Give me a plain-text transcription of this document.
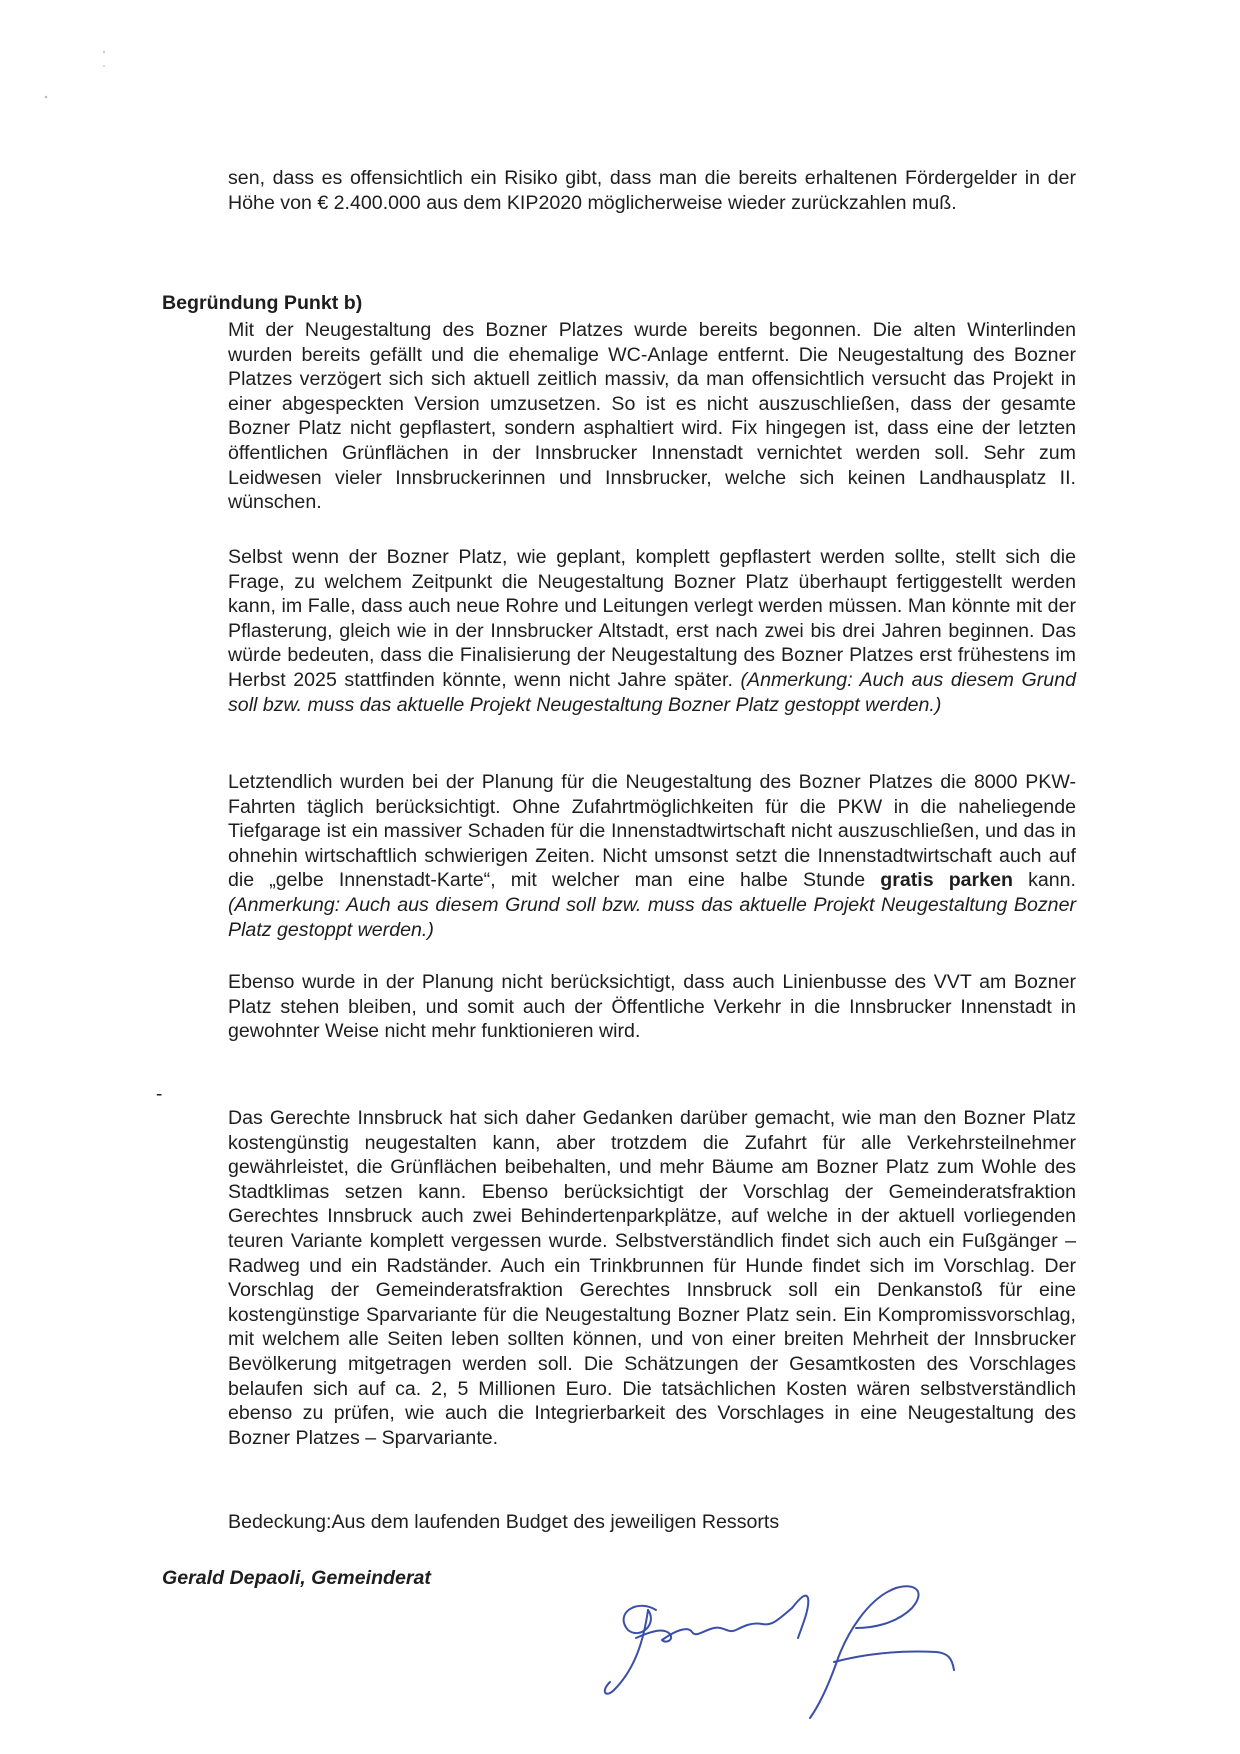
sen, dass es offensichtlich ein Risiko gibt, dass man die bereits erhaltenen Fördergelder in der Höhe von € 2.400.000 aus dem KIP2020 möglicherweise wieder zurückzahlen muß.

Begründung Punkt b)

Mit der Neugestaltung des Bozner Platzes wurde bereits begonnen. Die alten Winterlinden wurden bereits gefällt und die ehemalige WC-Anlage entfernt. Die Neugestaltung des Bozner Platzes verzögert sich sich aktuell zeitlich massiv, da man offensichtlich versucht das Projekt in einer abgespeckten Version umzusetzen. So ist es nicht auszuschließen, dass der gesamte Bozner Platz nicht gepflastert, sondern asphaltiert wird. Fix hingegen ist, dass eine der letzten öffentlichen Grünflächen in der Innsbrucker Innenstadt vernichtet werden soll. Sehr zum Leidwesen vieler Innsbruckerinnen und Innsbrucker, welche sich keinen Landhausplatz II. wünschen.

Selbst wenn der Bozner Platz, wie geplant, komplett gepflastert werden sollte, stellt sich die Frage, zu welchem Zeitpunkt die Neugestaltung Bozner Platz überhaupt fertiggestellt werden kann, im Falle, dass auch neue Rohre und Leitungen verlegt werden müssen. Man könnte mit der Pflasterung, gleich wie in der Innsbrucker Altstadt, erst nach zwei bis drei Jahren beginnen. Das würde bedeuten, dass die Finalisierung der Neugestaltung des Bozner Platzes erst frühestens im Herbst 2025 stattfinden könnte, wenn nicht Jahre später. (Anmerkung: Auch aus diesem Grund soll bzw. muss das aktuelle Projekt Neugestaltung Bozner Platz gestoppt werden.)

Letztendlich wurden bei der Planung für die Neugestaltung des Bozner Platzes die 8000 PKW-Fahrten täglich berücksichtigt. Ohne Zufahrtmöglichkeiten für die PKW in die naheliegende Tiefgarage ist ein massiver Schaden für die Innenstadtwirtschaft nicht auszuschließen, und das in ohnehin wirtschaftlich schwierigen Zeiten. Nicht umsonst setzt die Innenstadtwirtschaft auch auf die „gelbe Innenstadt-Karte“, mit welcher man eine halbe Stunde gratis parken kann. (Anmerkung: Auch aus diesem Grund soll bzw. muss das aktuelle Projekt Neugestaltung Bozner Platz gestoppt werden.)

Ebenso wurde in der Planung nicht berücksichtigt, dass auch Linienbusse des VVT am Bozner Platz stehen bleiben, und somit auch der Öffentliche Verkehr in die Innsbrucker Innenstadt in gewohnter Weise nicht mehr funktionieren wird.

-

Das Gerechte Innsbruck hat sich daher Gedanken darüber gemacht, wie man den Bozner Platz kostengünstig neugestalten kann, aber trotzdem die Zufahrt für alle Verkehrsteilnehmer gewährleistet, die Grünflächen beibehalten, und mehr Bäume am Bozner Platz zum Wohle des Stadtklimas setzen kann. Ebenso berücksichtigt der Vorschlag der Gemeinderatsfraktion Gerechtes Innsbruck auch zwei Behindertenparkplätze, auf welche in der aktuell vorliegenden teuren Variante komplett vergessen wurde. Selbstverständlich findet sich auch ein Fußgänger – Radweg und ein Radständer. Auch ein Trinkbrunnen für Hunde findet sich im Vorschlag. Der Vorschlag der Gemeinderatsfraktion Gerechtes Innsbruck soll ein Denkanstoß für eine kostengünstige Sparvariante für die Neugestaltung Bozner Platz sein. Ein Kompromissvorschlag, mit welchem alle Seiten leben sollten können, und von einer breiten Mehrheit der Innsbrucker Bevölkerung mitgetragen werden soll. Die Schätzungen der Gesamtkosten des Vorschlages belaufen sich auf ca. 2, 5 Millionen Euro. Die tatsächlichen Kosten wären selbstverständlich ebenso zu prüfen, wie auch die Integrierbarkeit des Vorschlages in eine Neugestaltung des Bozner Platzes – Sparvariante.

Bedeckung:Aus dem laufenden Budget des jeweiligen Ressorts

Gerald Depaoli, Gemeinderat
